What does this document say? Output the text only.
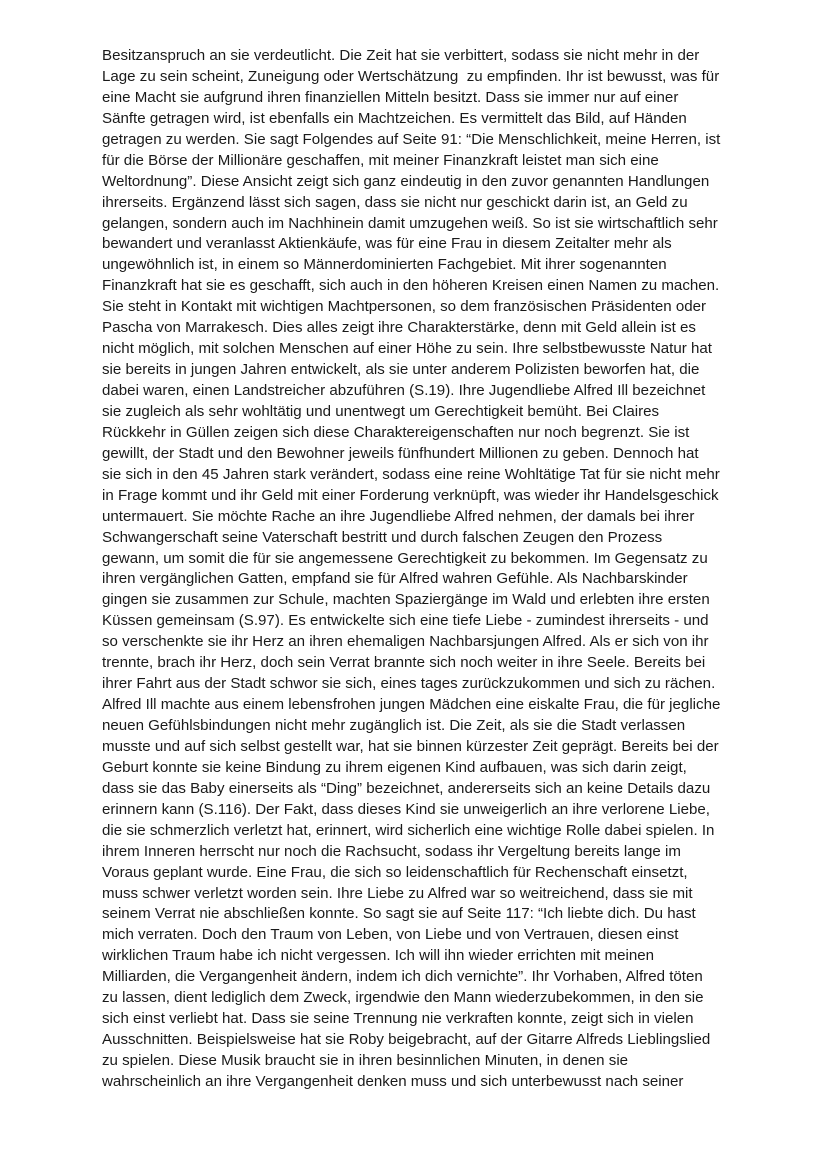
Besitzanspruch an sie verdeutlicht. Die Zeit hat sie verbittert, sodass sie nicht mehr in der
Lage zu sein scheint, Zuneigung oder Wertschätzung  zu empfinden. Ihr ist bewusst, was für
eine Macht sie aufgrund ihren finanziellen Mitteln besitzt. Dass sie immer nur auf einer
Sänfte getragen wird, ist ebenfalls ein Machtzeichen. Es vermittelt das Bild, auf Händen
getragen zu werden. Sie sagt Folgendes auf Seite 91: “Die Menschlichkeit, meine Herren, ist
für die Börse der Millionäre geschaffen, mit meiner Finanzkraft leistet man sich eine
Weltordnung”. Diese Ansicht zeigt sich ganz eindeutig in den zuvor genannten Handlungen
ihrerseits. Ergänzend lässt sich sagen, dass sie nicht nur geschickt darin ist, an Geld zu
gelangen, sondern auch im Nachhinein damit umzugehen weiß. So ist sie wirtschaftlich sehr
bewandert und veranlasst Aktienkäufe, was für eine Frau in diesem Zeitalter mehr als
ungewöhnlich ist, in einem so Männerdominierten Fachgebiet. Mit ihrer sogenannten
Finanzkraft hat sie es geschafft, sich auch in den höheren Kreisen einen Namen zu machen.
Sie steht in Kontakt mit wichtigen Machtpersonen, so dem französischen Präsidenten oder
Pascha von Marrakesch. Dies alles zeigt ihre Charakterstärke, denn mit Geld allein ist es
nicht möglich, mit solchen Menschen auf einer Höhe zu sein. Ihre selbstbewusste Natur hat
sie bereits in jungen Jahren entwickelt, als sie unter anderem Polizisten beworfen hat, die
dabei waren, einen Landstreicher abzuführen (S.19). Ihre Jugendliebe Alfred Ill bezeichnet
sie zugleich als sehr wohltätig und unentwegt um Gerechtigkeit bemüht. Bei Claires
Rückkehr in Güllen zeigen sich diese Charaktereigenschaften nur noch begrenzt. Sie ist
gewillt, der Stadt und den Bewohner jeweils fünfhundert Millionen zu geben. Dennoch hat
sie sich in den 45 Jahren stark verändert, sodass eine reine Wohltätige Tat für sie nicht mehr
in Frage kommt und ihr Geld mit einer Forderung verknüpft, was wieder ihr Handelsgeschick
untermauert. Sie möchte Rache an ihre Jugendliebe Alfred nehmen, der damals bei ihrer
Schwangerschaft seine Vaterschaft bestritt und durch falschen Zeugen den Prozess
gewann, um somit die für sie angemessene Gerechtigkeit zu bekommen. Im Gegensatz zu
ihren vergänglichen Gatten, empfand sie für Alfred wahren Gefühle. Als Nachbarskinder
gingen sie zusammen zur Schule, machten Spaziergänge im Wald und erlebten ihre ersten
Küssen gemeinsam (S.97). Es entwickelte sich eine tiefe Liebe - zumindest ihrerseits - und
so verschenkte sie ihr Herz an ihren ehemaligen Nachbarsjungen Alfred. Als er sich von ihr
trennte, brach ihr Herz, doch sein Verrat brannte sich noch weiter in ihre Seele. Bereits bei
ihrer Fahrt aus der Stadt schwor sie sich, eines tages zurückzukommen und sich zu rächen.
Alfred Ill machte aus einem lebensfrohen jungen Mädchen eine eiskalte Frau, die für jegliche
neuen Gefühlsbindungen nicht mehr zugänglich ist. Die Zeit, als sie die Stadt verlassen
musste und auf sich selbst gestellt war, hat sie binnen kürzester Zeit geprägt. Bereits bei der
Geburt konnte sie keine Bindung zu ihrem eigenen Kind aufbauen, was sich darin zeigt,
dass sie das Baby einerseits als “Ding” bezeichnet, andererseits sich an keine Details dazu
erinnern kann (S.116). Der Fakt, dass dieses Kind sie unweigerlich an ihre verlorene Liebe,
die sie schmerzlich verletzt hat, erinnert, wird sicherlich eine wichtige Rolle dabei spielen. In
ihrem Inneren herrscht nur noch die Rachsucht, sodass ihr Vergeltung bereits lange im
Voraus geplant wurde. Eine Frau, die sich so leidenschaftlich für Rechenschaft einsetzt,
muss schwer verletzt worden sein. Ihre Liebe zu Alfred war so weitreichend, dass sie mit
seinem Verrat nie abschließen konnte. So sagt sie auf Seite 117: “Ich liebte dich. Du hast
mich verraten. Doch den Traum von Leben, von Liebe und von Vertrauen, diesen einst
wirklichen Traum habe ich nicht vergessen. Ich will ihn wieder errichten mit meinen
Milliarden, die Vergangenheit ändern, indem ich dich vernichte”. Ihr Vorhaben, Alfred töten
zu lassen, dient lediglich dem Zweck, irgendwie den Mann wiederzubekommen, in den sie
sich einst verliebt hat. Dass sie seine Trennung nie verkraften konnte, zeigt sich in vielen
Ausschnitten. Beispielsweise hat sie Roby beigebracht, auf der Gitarre Alfreds Lieblingslied
zu spielen. Diese Musik braucht sie in ihren besinnlichen Minuten, in denen sie
wahrscheinlich an ihre Vergangenheit denken muss und sich unterbewusst nach seiner
